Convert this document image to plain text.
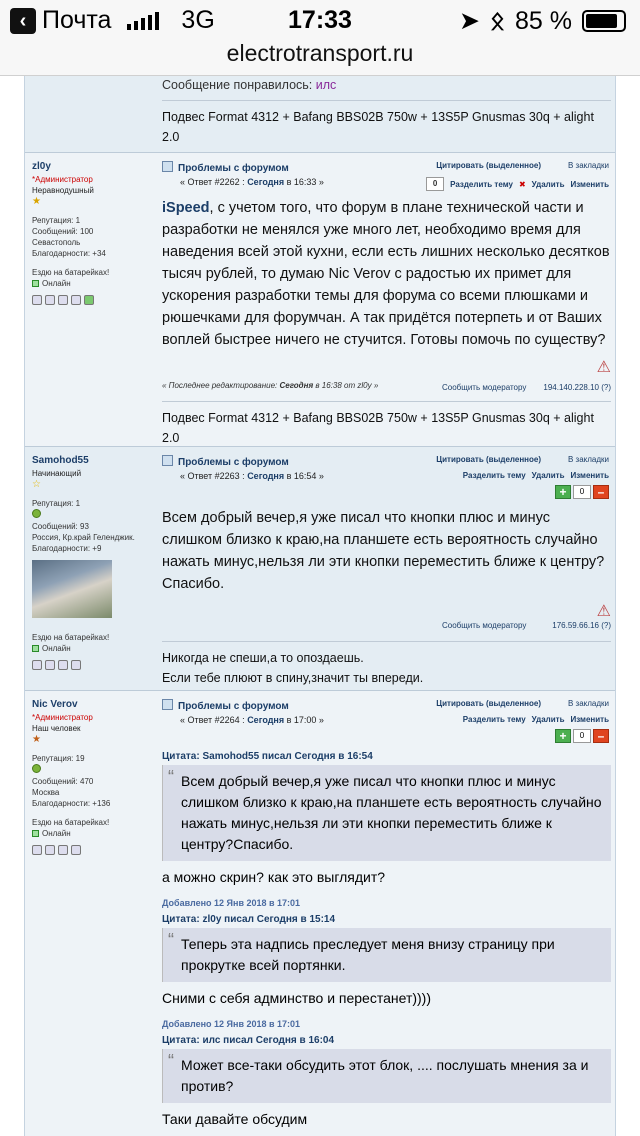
‹ Почта	3G	17:33	➤ ᛟ 85 %
electrotransport.ru
Сообщение понравилось: илс
Подвес Format 4312 + Bafang BBS02B 750w + 13S5P Gnusmas 30q + alight 2.0
zl0y
*Администратор
Неравнодушный
★
Репутация: 1
Сообщений: 100
Севастополь
Благодарности: +34
Ездю на батарейках!
Онлайн
Проблемы с форумом
« Ответ #2262 : Сегодня в 16:33 »
Цитировать (выделенное)	В закладки
0	Разделить тему ✖ Удалить Изменить
iSpeed, с учетом того, что форум в плане технической части и разработки не менялся уже много лет, необходимо время для наведения всей этой кухни, если есть лишних несколько десятков тысяч рублей, то думаю Nic Verov с радостью их примет для ускорения разработки темы для форума со всеми плюшками и рюшечками для форумчан. А так придётся потерпеть и от Ваших воплей быстрее ничего не стучится. Готовы помочь по существу?
⚠
« Последнее редактирование: Сегодня в 16:38 от zl0y »	Сообщить модератору 194.140.228.10 (?)
Подвес Format 4312 + Bafang BBS02B 750w + 13S5P Gnusmas 30q + alight 2.0
Samohod55
Начинающий
☆
Репутация: 1
Сообщений: 93
Россия, Кр.край Геленджик.
Благодарности: +9
Ездю на батарейках!
Онлайн
Проблемы с форумом
« Ответ #2263 : Сегодня в 16:54 »
Цитировать (выделенное)	В закладки
Разделить тему Удалить Изменить
+	0	–
Всем добрый вечер,я уже писал что кнопки плюс и минус слишком близко к краю,на планшете есть вероятность случайно нажать минус,нельзя ли эти кнопки переместить ближе к центру?Спасибо.
⚠
Сообщить модератору	176.59.66.16 (?)
Никогда не спеши,а то опоздаешь.
Если тебе плюют в спину,значит ты впереди.
Nic Verov
*Администратор
Наш человек
★
Репутация: 19
Сообщений: 470
Москва
Благодарности: +136
Ездю на батарейках!
Онлайн
Проблемы с форумом
« Ответ #2264 : Сегодня в 17:00 »
Цитировать (выделенное)	В закладки
Разделить тему Удалить Изменить
+	0	–
Цитата: Samohod55 писал Сегодня в 16:54
“ Всем добрый вечер,я уже писал что кнопки плюс и минус слишком близко к краю,на планшете есть вероятность случайно нажать минус,нельзя ли эти кнопки переместить ближе к центру?Спасибо.
а можно скрин? как это выглядит?
Добавлено 12 Янв 2018 в 17:01
Цитата: zl0y писал Сегодня в 15:14
“ Теперь эта надпись преследует меня внизу страницу при прокрутке всей портянки.
Сними с себя админство и перестанет))))
Добавлено 12 Янв 2018 в 17:01
Цитата: илс писал Сегодня в 16:04
“ Может все-таки обсудить этот блок, .... послушать мнения за и против?
Таки давайте обсудим
